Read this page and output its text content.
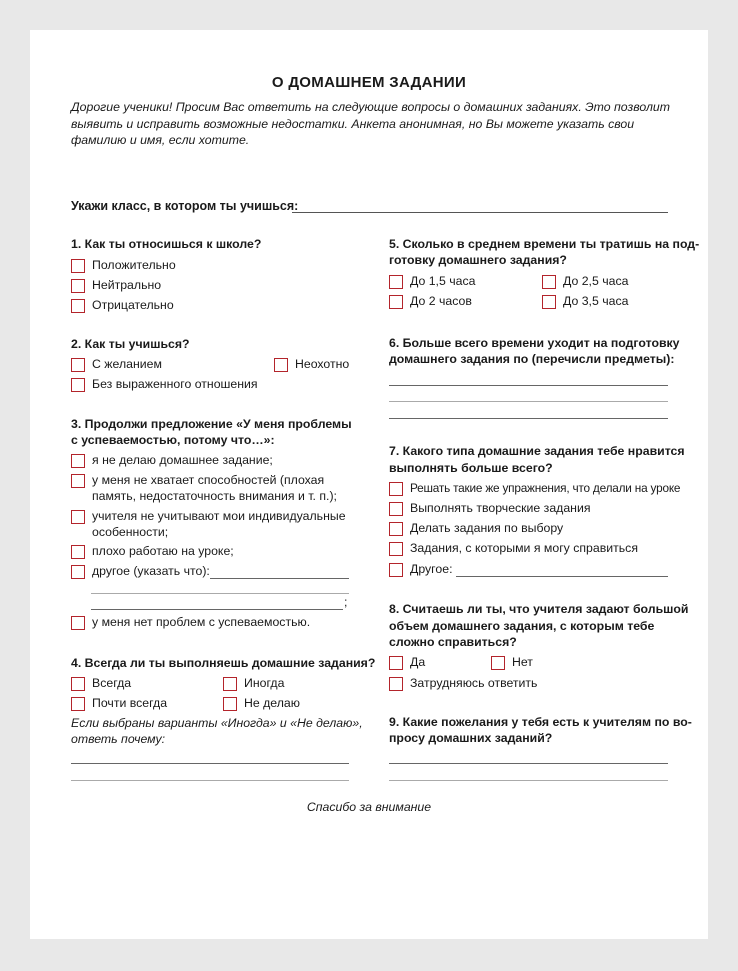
О ДОМАШНЕМ ЗАДАНИИ
Дорогие ученики! Просим Вас ответить на следующие вопросы о домашних заданиях. Это позволит выявить и исправить возможные недостатки. Анкета анонимная, но Вы можете указать свои фамилию и имя, если хотите.
Укажи класс, в котором ты учишься:
1. Как ты относишься к школе?
Положительно
Нейтрально
Отрицательно
2. Как ты учишься?
С желанием	Неохотно
Без выраженного отношения
3. Продолжи предложение «У меня проблемы
с успеваемостью, потому что…»:
я не делаю домашнее задание;
у меня не хватает способностей (плохая память, недостаточность внимания и т. п.);
учителя не учитывают мои индивидуальные особенности;
плохо работаю на уроке;
другое (указать что):
;
у меня нет проблем с успеваемостью.
4. Всегда ли ты выполняешь домашние задания?
Всегда	Иногда
Почти всегда	Не делаю
Если выбраны варианты «Иногда» и «Не делаю»,
ответь почему:
5. Сколько в среднем времени ты тратишь на под-
готовку домашнего задания?
До 1,5 часа	До 2,5 часа
До 2 часов	До 3,5 часа
6. Больше всего времени уходит на подготовку
домашнего задания по (перечисли предметы):
7. Какого типа домашние задания тебе нравится
выполнять больше всего?
Решать такие же упражнения, что делали на уроке
Выполнять творческие задания
Делать задания по выбору
Задания, с которыми я могу справиться
Другое:
8. Считаешь ли ты, что учителя задают большой
объем домашнего задания, с которым тебе
сложно справиться?
Да	Нет
Затрудняюсь ответить
9. Какие пожелания у тебя есть к учителям по во-
просу домашних заданий?
Спасибо за внимание
